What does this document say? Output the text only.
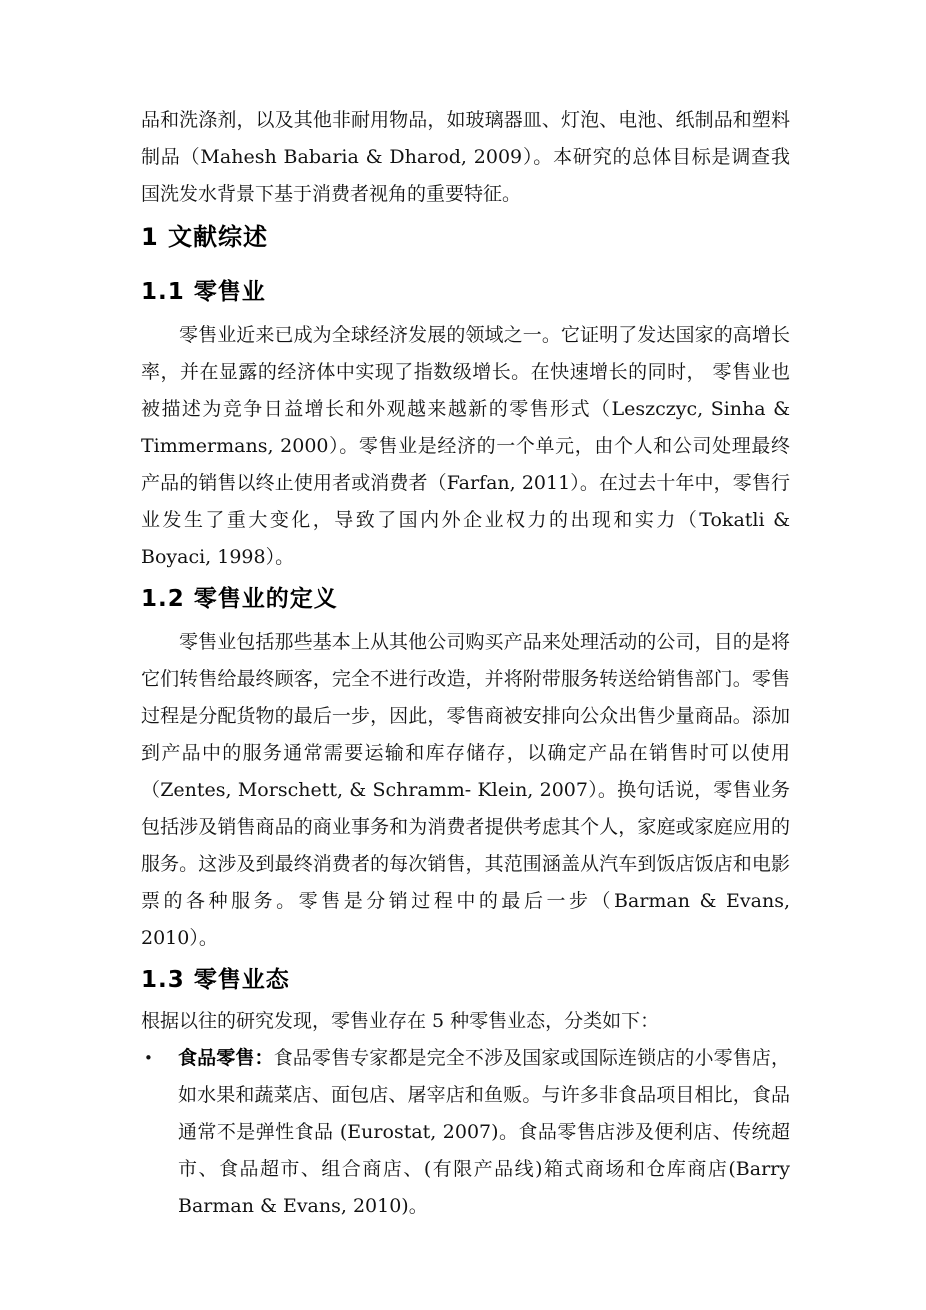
品和洗涤剂，以及其他非耐用物品，如玻璃器皿、灯泡、电池、纸制品和塑料制品（Mahesh Babaria & Dharod, 2009）。本研究的总体目标是调查我国洗发水背景下基于消费者视角的重要特征。

1 文献综述
1.1 零售业

零售业近来已成为全球经济发展的领域之一。它证明了发达国家的高增长率，并在显露的经济体中实现了指数级增长。在快速增长的同时， 零售业也被描述为竞争日益增长和外观越来越新的零售形式（Leszczyc, Sinha & Timmermans, 2000）。零售业是经济的一个单元，由个人和公司处理最终产品的销售以终止使用者或消费者（Farfan, 2011）。在过去十年中，零售行业发生了重大变化，导致了国内外企业权力的出现和实力（Tokatli & Boyaci, 1998）。

1.2 零售业的定义

零售业包括那些基本上从其他公司购买产品来处理活动的公司，目的是将它们转售给最终顾客，完全不进行改造，并将附带服务转送给销售部门。零售过程是分配货物的最后一步，因此，零售商被安排向公众出售少量商品。添加到产品中的服务通常需要运输和库存储存，以确定产品在销售时可以使用（Zentes, Morschett, & Schramm- Klein, 2007）。换句话说，零售业务包括涉及销售商品的商业事务和为消费者提供考虑其个人，家庭或家庭应用的服务。这涉及到最终消费者的每次销售，其范围涵盖从汽车到饭店饭店和电影票的各种服务。零售是分销过程中的最后一步（Barman & Evans, 2010）。

1.3 零售业态

根据以往的研究发现，零售业存在 5 种零售业态，分类如下：

• 食品零售：食品零售专家都是完全不涉及国家或国际连锁店的小零售店，如水果和蔬菜店、面包店、屠宰店和鱼贩。与许多非食品项目相比，食品通常不是弹性食品 (Eurostat, 2007)。食品零售店涉及便利店、传统超市、食品超市、组合商店、(有限产品线)箱式商场和仓库商店(Barry Barman & Evans, 2010)。
